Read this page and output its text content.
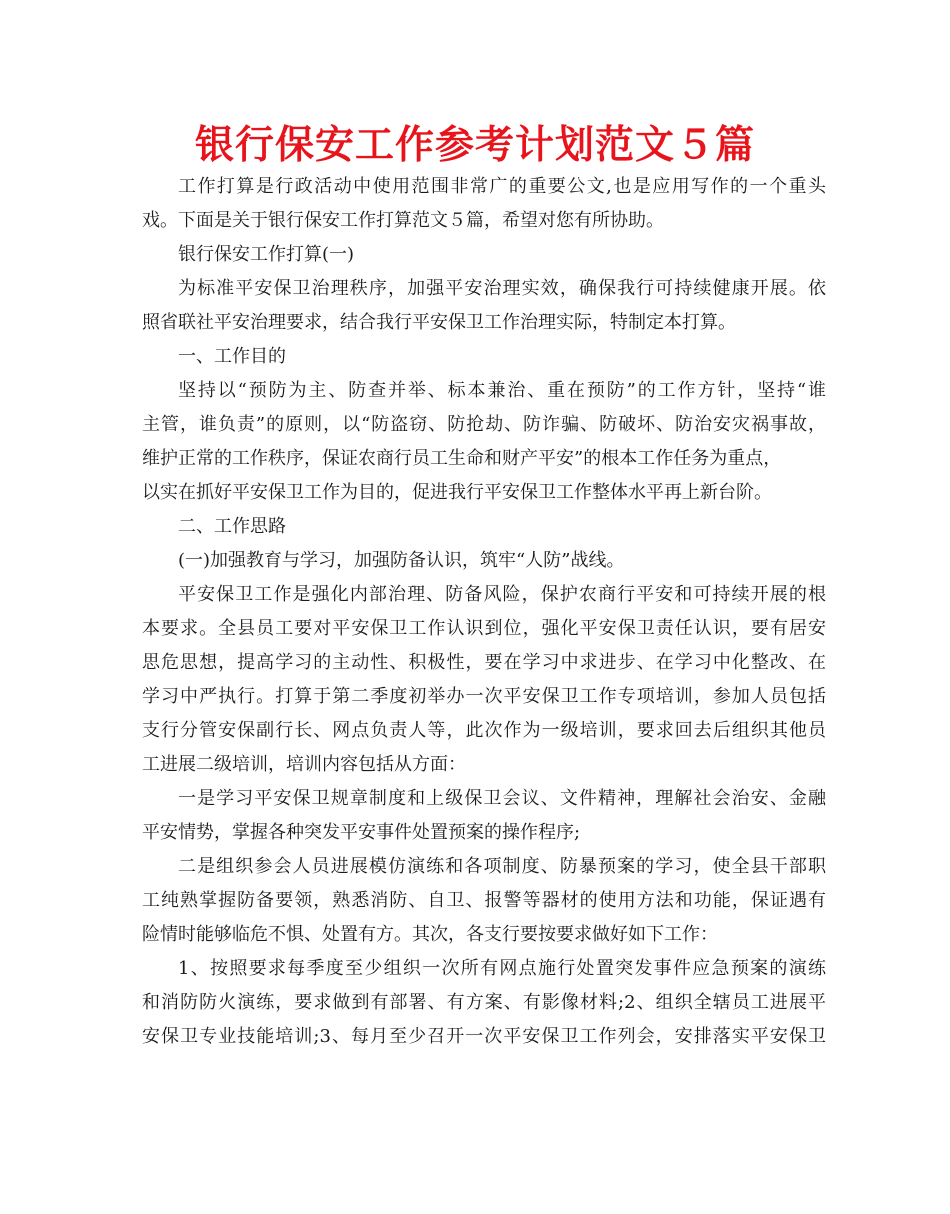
银行保安工作参考计划范文５篇
工作打算是行政活动中使用范围非常广的重要公文,也是应用写作的一个重头
戏。下面是关于银行保安工作打算范文５篇，希望对您有所协助。
银行保安工作打算(一)
为标准平安保卫治理秩序，加强平安治理实效，确保我行可持续健康开展。依
照省联社平安治理要求，结合我行平安保卫工作治理实际，特制定本打算。
一、工作目的
坚持以“预防为主、防查并举、标本兼治、重在预防”的工作方针，坚持“谁
主管，谁负责”的原则，以“防盗窃、防抢劫、防诈骗、防破坏、防治安灾祸事故，
维护正常的工作秩序，保证农商行员工生命和财产平安”的根本工作任务为重点，
以实在抓好平安保卫工作为目的，促进我行平安保卫工作整体水平再上新台阶。
二、工作思路
(一)加强教育与学习，加强防备认识，筑牢“人防”战线。
平安保卫工作是强化内部治理、防备风险，保护农商行平安和可持续开展的根
本要求。全县员工要对平安保卫工作认识到位，强化平安保卫责任认识，要有居安
思危思想，提高学习的主动性、积极性，要在学习中求进步、在学习中化整改、在
学习中严执行。打算于第二季度初举办一次平安保卫工作专项培训，参加人员包括
支行分管安保副行长、网点负责人等，此次作为一级培训，要求回去后组织其他员
工进展二级培训，培训内容包括从方面：
一是学习平安保卫规章制度和上级保卫会议、文件精神，理解社会治安、金融
平安情势，掌握各种突发平安事件处置预案的操作程序;
二是组织参会人员进展模仿演练和各项制度、防暴预案的学习，使全县干部职
工纯熟掌握防备要领，熟悉消防、自卫、报警等器材的使用方法和功能，保证遇有
险情时能够临危不惧、处置有方。其次，各支行要按要求做好如下工作：
1、按照要求每季度至少组织一次所有网点施行处置突发事件应急预案的演练
和消防防火演练，要求做到有部署、有方案、有影像材料;2、组织全辖员工进展平
安保卫专业技能培训;3、每月至少召开一次平安保卫工作列会，安排落实平安保卫
